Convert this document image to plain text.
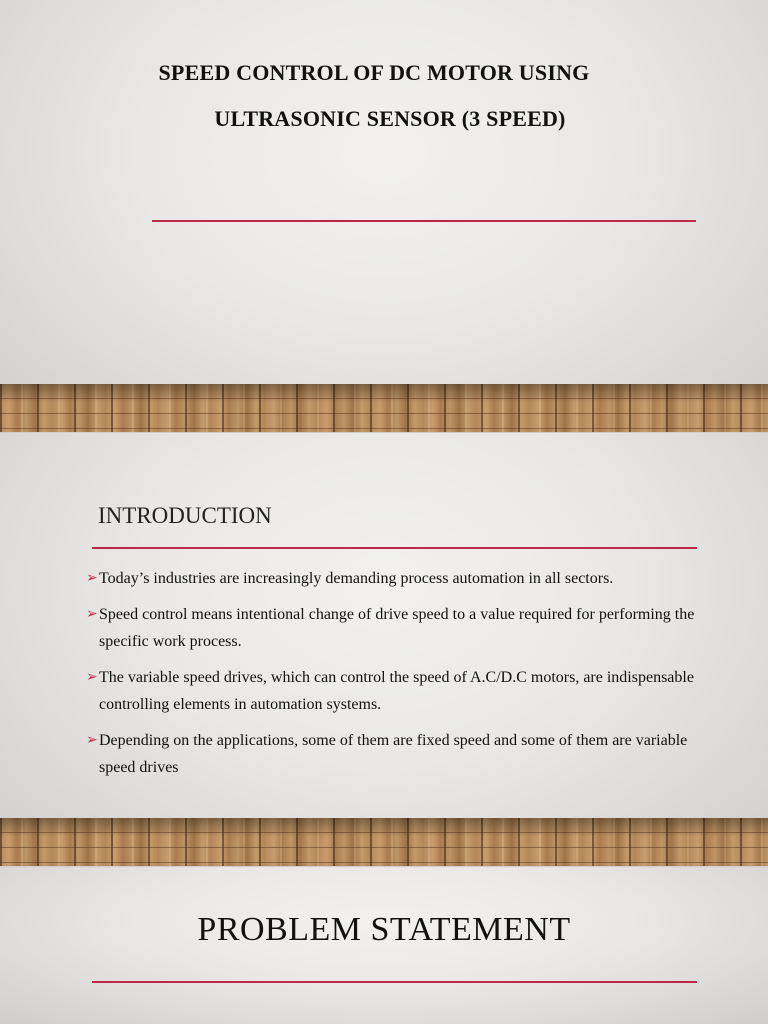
SPEED CONTROL OF DC MOTOR USING
ULTRASONIC SENSOR (3 SPEED)
INTRODUCTION
➢ Today’s industries are increasingly demanding process automation in all sectors.
➢ Speed control means intentional change of drive speed to a value required for performing the specific work process.
➢ The variable speed drives, which can control the speed of A.C/D.C motors, are indispensable controlling elements in automation systems.
➢ Depending on the applications, some of them are fixed speed and some of them are variable speed drives
PROBLEM STATEMENT
